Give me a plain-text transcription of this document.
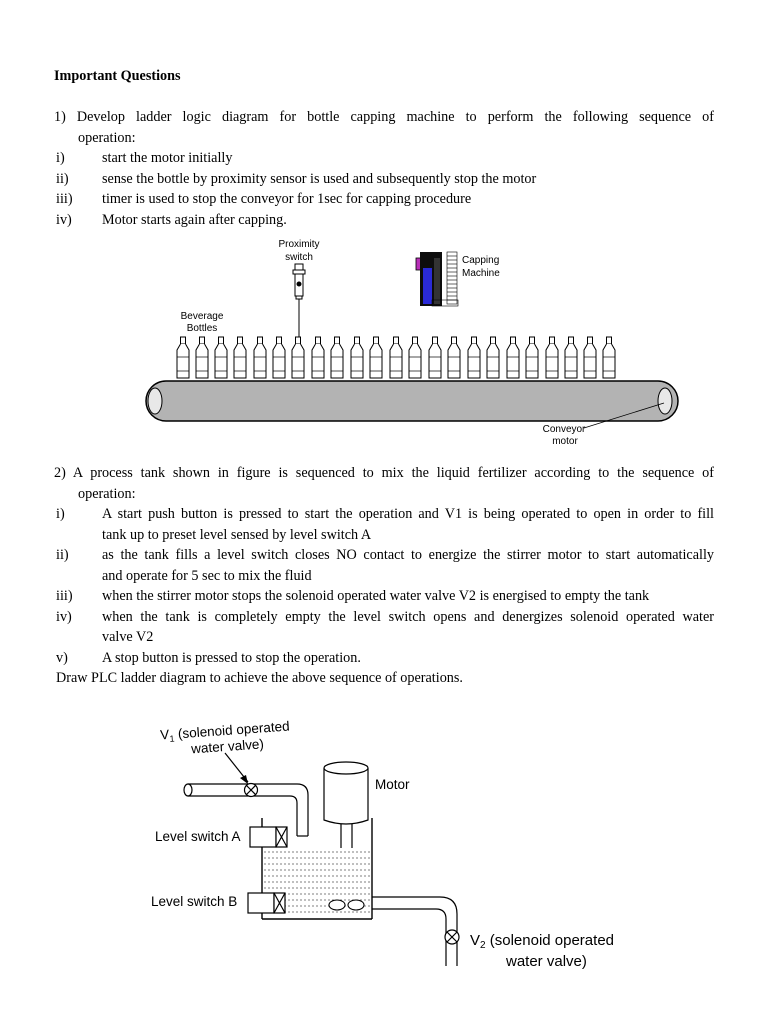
Important Questions
1) Develop ladder logic diagram for bottle capping machine to perform the following sequence of
operation:
i)	start the motor initially
ii) sense the bottle by proximity sensor is used and subsequently stop the motor
iii) timer is used to stop the conveyor for 1sec for capping procedure
iv) Motor starts again after capping.
Proximity
switch	Capping
Machine
Beverage
Bottles
Conveyor
motor
2) A process tank shown in figure is sequenced to mix the liquid fertilizer according to the sequence of
operation:
i)	A start push button is pressed to start the operation and V1 is being operated to open in order to fill
tank up to preset level sensed by level switch A
ii) as the tank fills a level switch closes NO contact to energize the stirrer motor to start automatically
and operate for 5 sec to mix the fluid
iii) when the stirrer motor stops the solenoid operated water valve V2 is energised to empty the tank
iv) when the tank is completely empty the level switch opens and denergizes solenoid operated water
valve V2
v) A stop button is pressed to stop the operation.
Draw PLC ladder diagram to achieve the above sequence of operations.
$V_1$ (solenoid operated
water valve)
Motor
Level switch A
Level switch B
$V_2$ (solenoid operated
water valve)
